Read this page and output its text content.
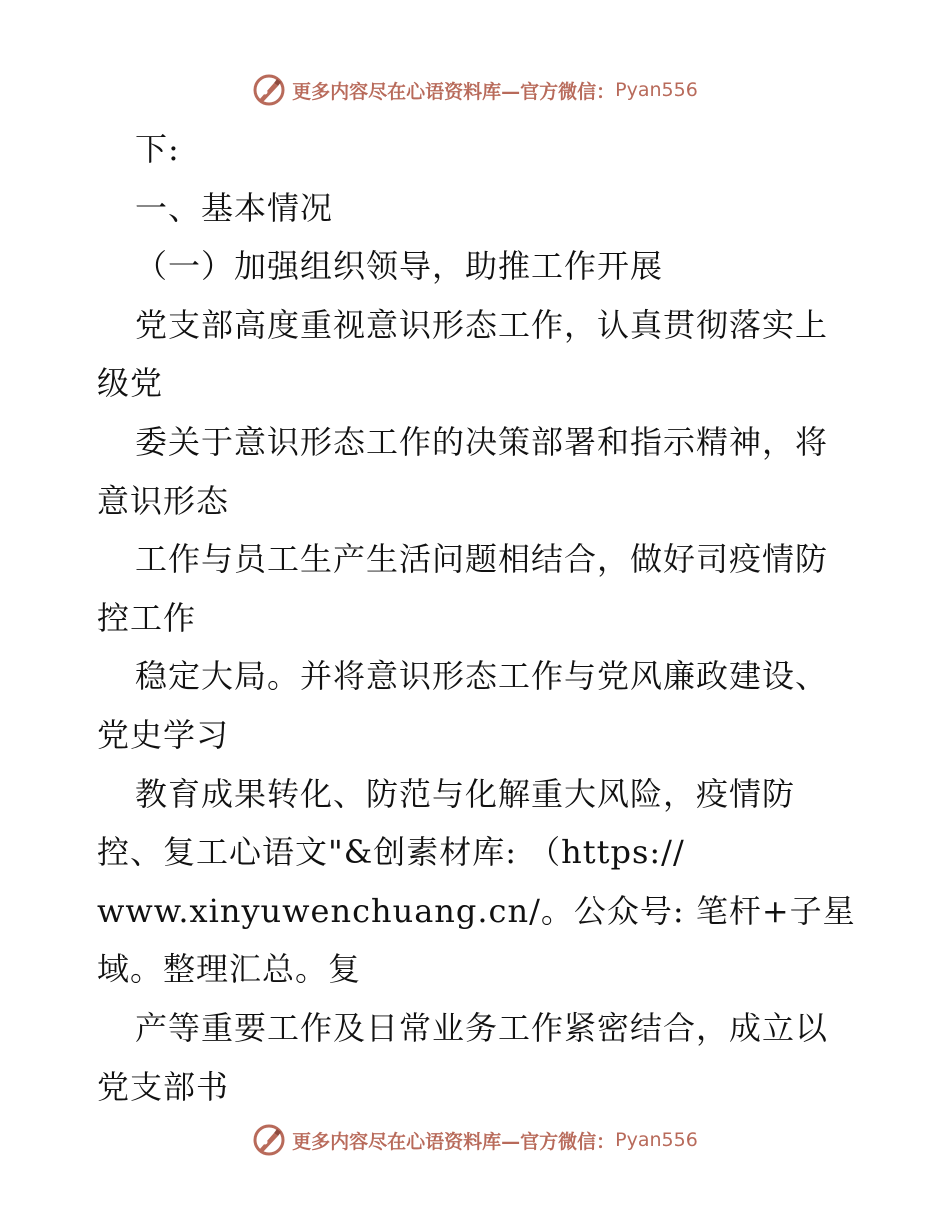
更多内容尽在心语资料库—官方微信： Pyan556
下:
一、基本情况
（一）加强组织领导，助推工作开展
党支部高度重视意识形态工作，认真贯彻落实上
级党
委关于意识形态工作的决策部署和指示精神，将
意识形态
工作与员工生产生活问题相结合，做好司疫情防
控工作
稳定大局。并将意识形态工作与党风廉政建设、
党史学习
教育成果转化、防范与化解重大风险，疫情防
控、复工心语文"&创素材库: （https://
www.xinyuwenchuang.cn/。公众号: 笔杆+子星
域。整理汇总。复
产等重要工作及日常业务工作紧密结合，成立以
党支部书
更多内容尽在心语资料库—官方微信： Pyan556
